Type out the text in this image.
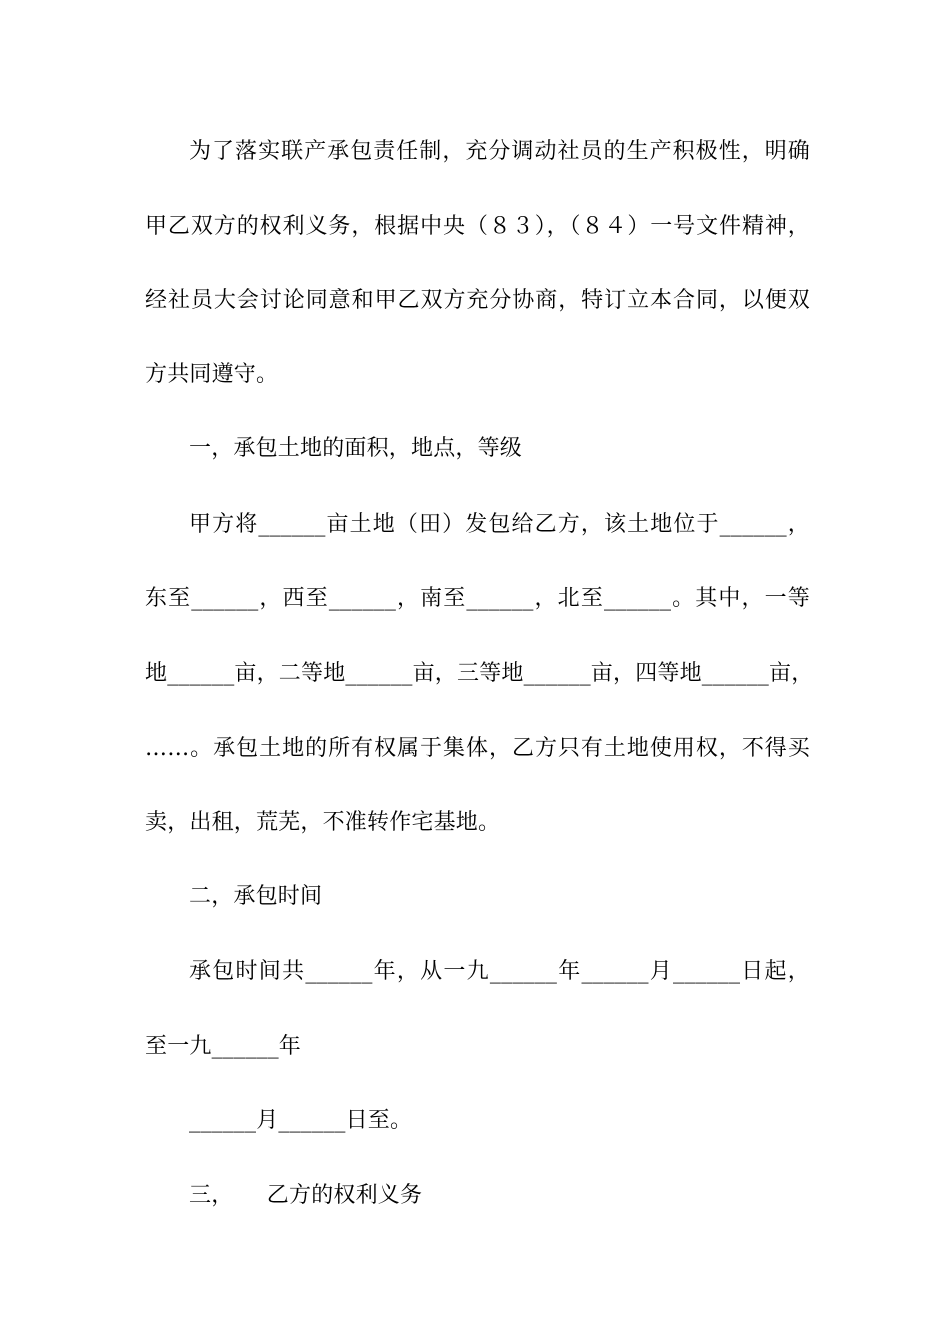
为了落实联产承包责任制，充分调动社员的生产积极性，明确
甲乙双方的权利义务，根据中央（８３），（８４）一号文件精神，
经社员大会讨论同意和甲乙双方充分协商，特订立本合同，以便双
方共同遵守。
一，承包土地的面积，地点，等级
甲方将______亩土地（田）发包给乙方，该土地位于______，
东至______，西至______，南至______，北至______。其中，一等
地______亩，二等地______亩，三等地______亩，四等地______亩，
……。承包土地的所有权属于集体，乙方只有土地使用权，不得买
卖，出租，荒芜，不准转作宅基地。
二，承包时间
承包时间共______年，从一九______年______月______日起，
至一九______年
______月______日至。
三，　　乙方的权利义务
